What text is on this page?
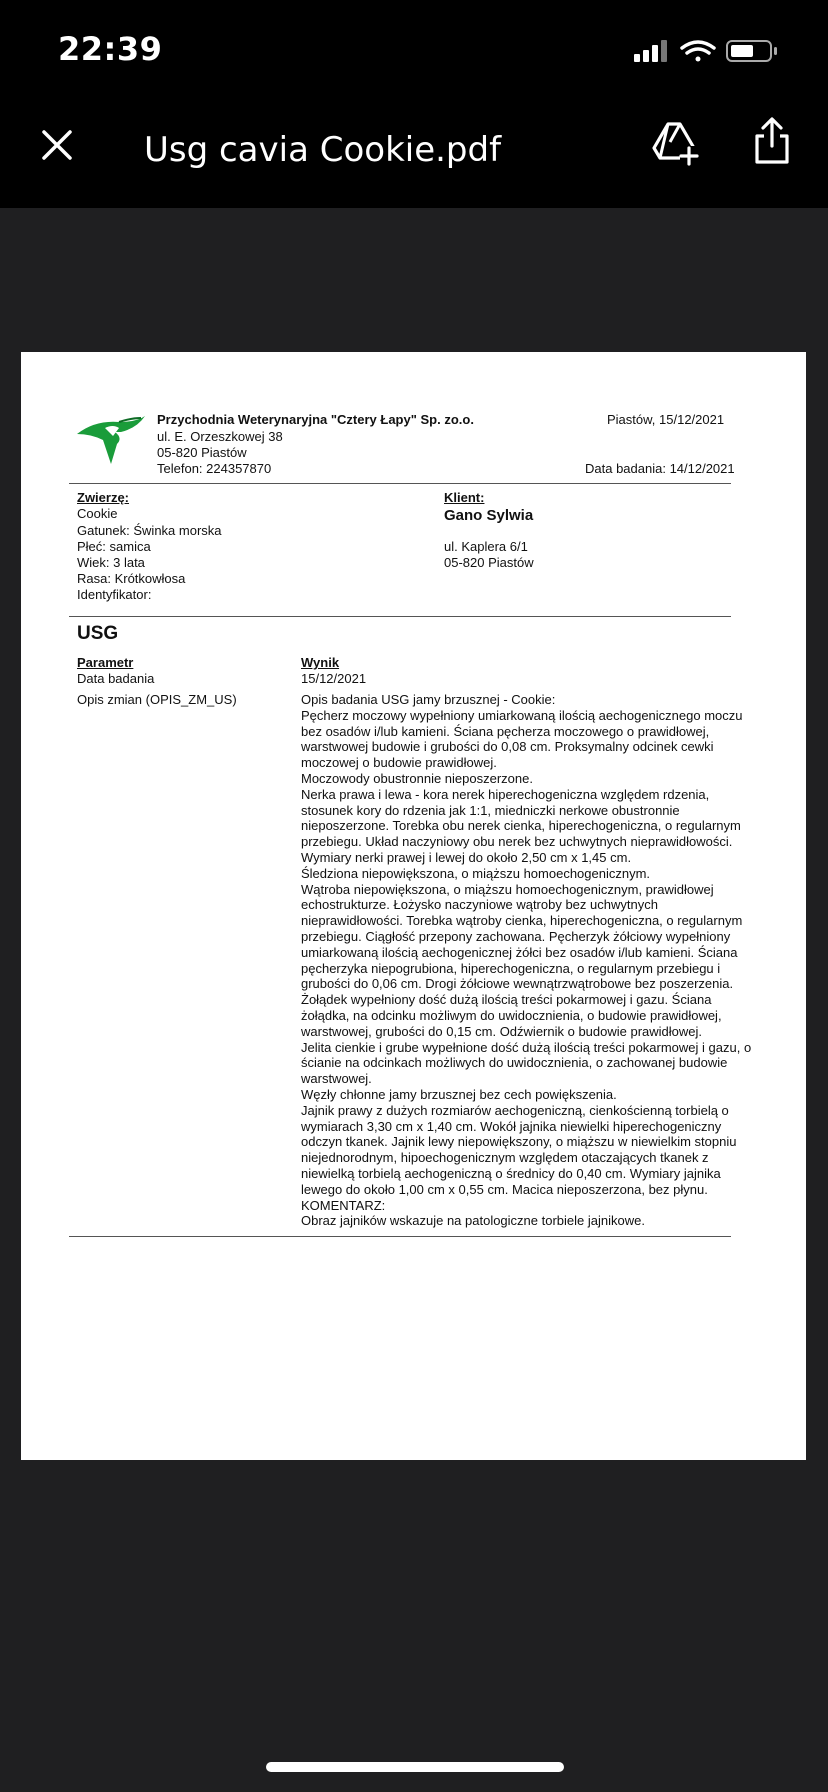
22:39
Usg cavia Cookie.pdf
Przychodnia Weterynaryjna "Cztery Łapy" Sp. zo.o.
ul. E. Orzeszkowej 38
05-820 Piastów
Telefon: 224357870
Piastów, 15/12/2021
Data badania: 14/12/2021
Zwierzę:
Cookie
Gatunek: Świnka morska
Płeć: samica
Wiek: 3 lata
Rasa: Krótkowłosa
Identyfikator:
Klient:
Gano Sylwia
ul. Kaplera 6/1
05-820 Piastów
USG
Parametr	Wynik
Data badania	15/12/2021
Opis zmian (OPIS_ZM_US)	Opis badania USG jamy brzusznej - Cookie:
Pęcherz moczowy wypełniony umiarkowaną ilością aechogenicznego moczu
bez osadów i/lub kamieni. Ściana pęcherza moczowego o prawidłowej,
warstwowej budowie i grubości do 0,08 cm. Proksymalny odcinek cewki
moczowej o budowie prawidłowej.
Moczowody obustronnie nieposzerzone.
Nerka prawa i lewa - kora nerek hiperechogeniczna względem rdzenia,
stosunek kory do rdzenia jak 1:1, miedniczki nerkowe obustronnie
nieposzerzone. Torebka obu nerek cienka, hiperechogeniczna, o regularnym
przebiegu. Układ naczyniowy obu nerek bez uchwytnych nieprawidłowości.
Wymiary nerki prawej i lewej do około 2,50 cm x 1,45 cm.
Śledziona niepowiększona, o miąższu homoechogenicznym.
Wątroba niepowiększona, o miąższu homoechogenicznym, prawidłowej
echostrukturze. Łożysko naczyniowe wątroby bez uchwytnych
nieprawidłowości. Torebka wątroby cienka, hiperechogeniczna, o regularnym
przebiegu. Ciągłość przepony zachowana. Pęcherzyk żółciowy wypełniony
umiarkowaną ilością aechogenicznej żółci bez osadów i/lub kamieni. Ściana
pęcherzyka niepogrubiona, hiperechogeniczna, o regularnym przebiegu i
grubości do 0,06 cm. Drogi żółciowe wewnątrzwątrobowe bez poszerzenia.
Żołądek wypełniony dość dużą ilością treści pokarmowej i gazu. Ściana
żołądka, na odcinku możliwym do uwidocznienia, o budowie prawidłowej,
warstwowej, grubości do 0,15 cm. Odźwiernik o budowie prawidłowej.
Jelita cienkie i grube wypełnione dość dużą ilością treści pokarmowej i gazu, o
ścianie na odcinkach możliwych do uwidocznienia, o zachowanej budowie
warstwowej.
Węzły chłonne jamy brzusznej bez cech powiększenia.
Jajnik prawy z dużych rozmiarów aechogeniczną, cienkościenną torbielą o
wymiarach 3,30 cm x 1,40 cm. Wokół jajnika niewielki hiperechogeniczny
odczyn tkanek. Jajnik lewy niepowiększony, o miąższu w niewielkim stopniu
niejednorodnym, hipoechogenicznym względem otaczających tkanek z
niewielką torbielą aechogeniczną o średnicy do 0,40 cm. Wymiary jajnika
lewego do około 1,00 cm x 0,55 cm. Macica nieposzerzona, bez płynu.
KOMENTARZ:
Obraz jajników wskazuje na patologiczne torbiele jajnikowe.
